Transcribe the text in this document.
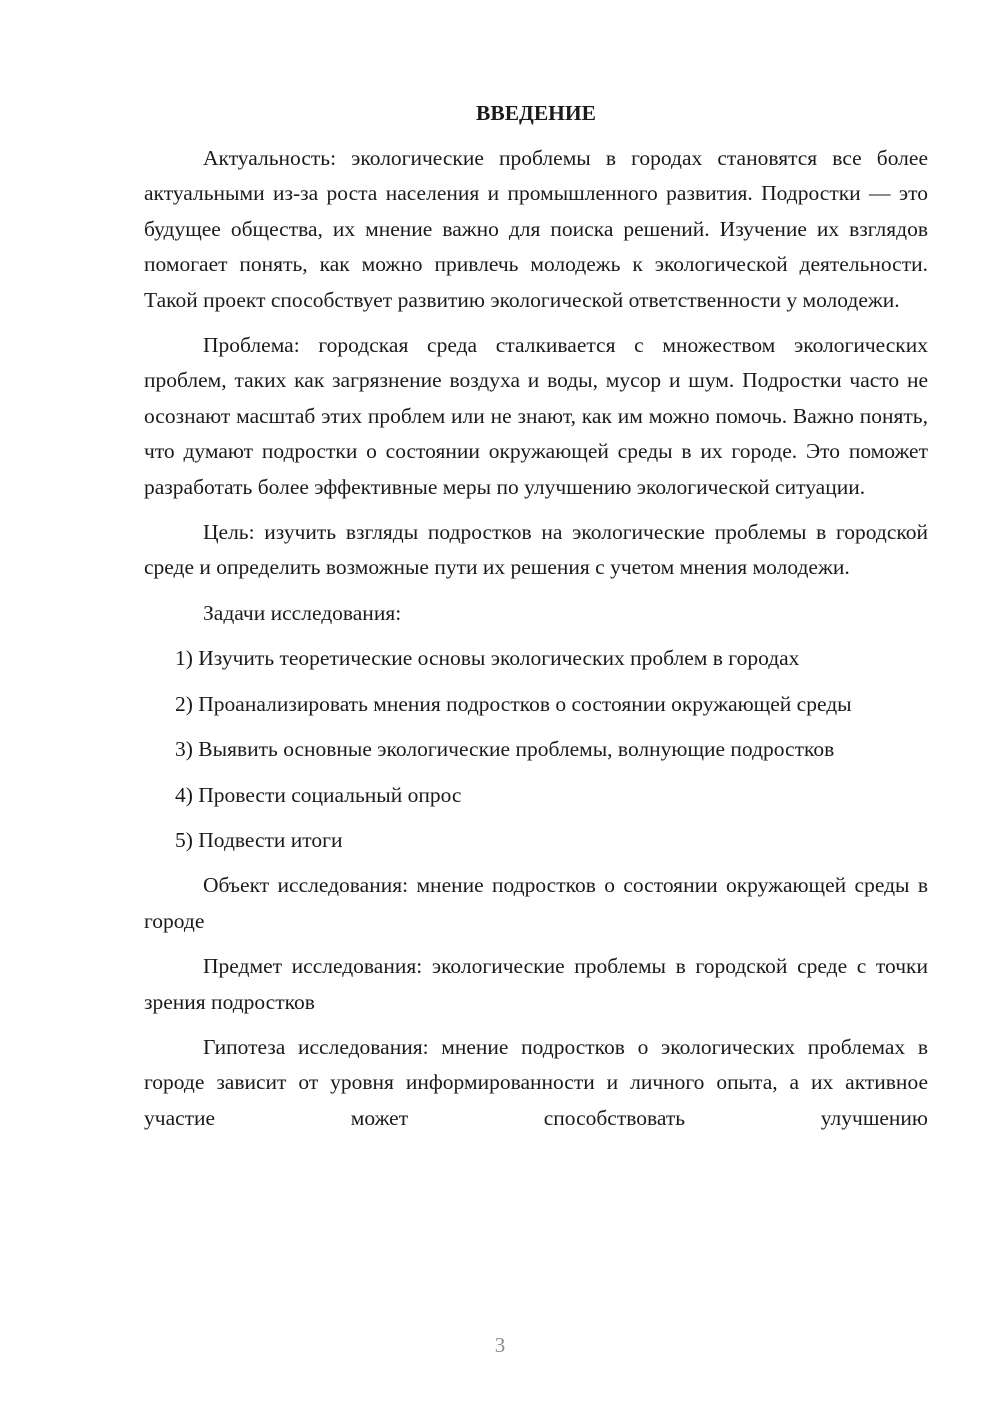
ВВЕДЕНИЕ

Актуальность: экологические проблемы в городах становятся все более актуальными из-за роста населения и промышленного развития. Подростки — это будущее общества, их мнение важно для поиска решений. Изучение их взглядов помогает понять, как можно привлечь молодежь к экологической деятельности. Такой проект способствует развитию экологической ответственности у молодежи.

Проблема: городская среда сталкивается с множеством экологических проблем, таких как загрязнение воздуха и воды, мусор и шум. Подростки часто не осознают масштаб этих проблем или не знают, как им можно помочь. Важно понять, что думают подростки о состоянии окружающей среды в их городе. Это поможет разработать более эффективные меры по улучшению экологической ситуации.

Цель: изучить взгляды подростков на экологические проблемы в городской среде и определить возможные пути их решения с учетом мнения молодежи.

Задачи исследования:

1) Изучить теоретические основы экологических проблем в городах

2) Проанализировать мнения подростков о состоянии окружающей среды

3) Выявить основные экологические проблемы, волнующие подростков

4) Провести социальный опрос

5) Подвести итоги

Объект исследования: мнение подростков о состоянии окружающей среды в городе

Предмет исследования: экологические проблемы в городской среде с точки зрения подростков

Гипотеза исследования: мнение подростков о экологических проблемах в городе зависит от уровня информированности и личного опыта, а их активное участие может способствовать улучшению

3
